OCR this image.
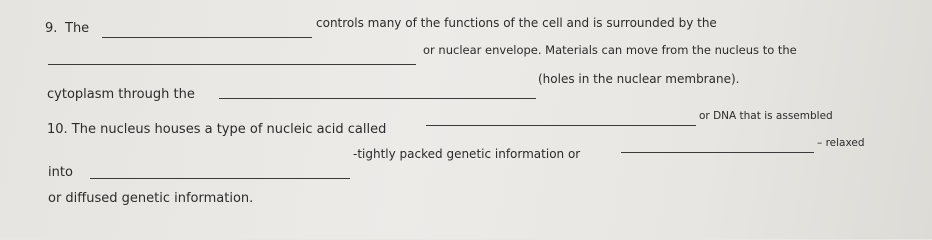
9. The	controls many of the functions of the cell and is surrounded by the
or nuclear envelope. Materials can move from the nucleus to the
cytoplasm through the
(holes in the nuclear membrane).
10. The nucleus houses a type of nucleic acid called
or DNA that is assembled
into
-tightly packed genetic information or
– relaxed
or diffused genetic information.
